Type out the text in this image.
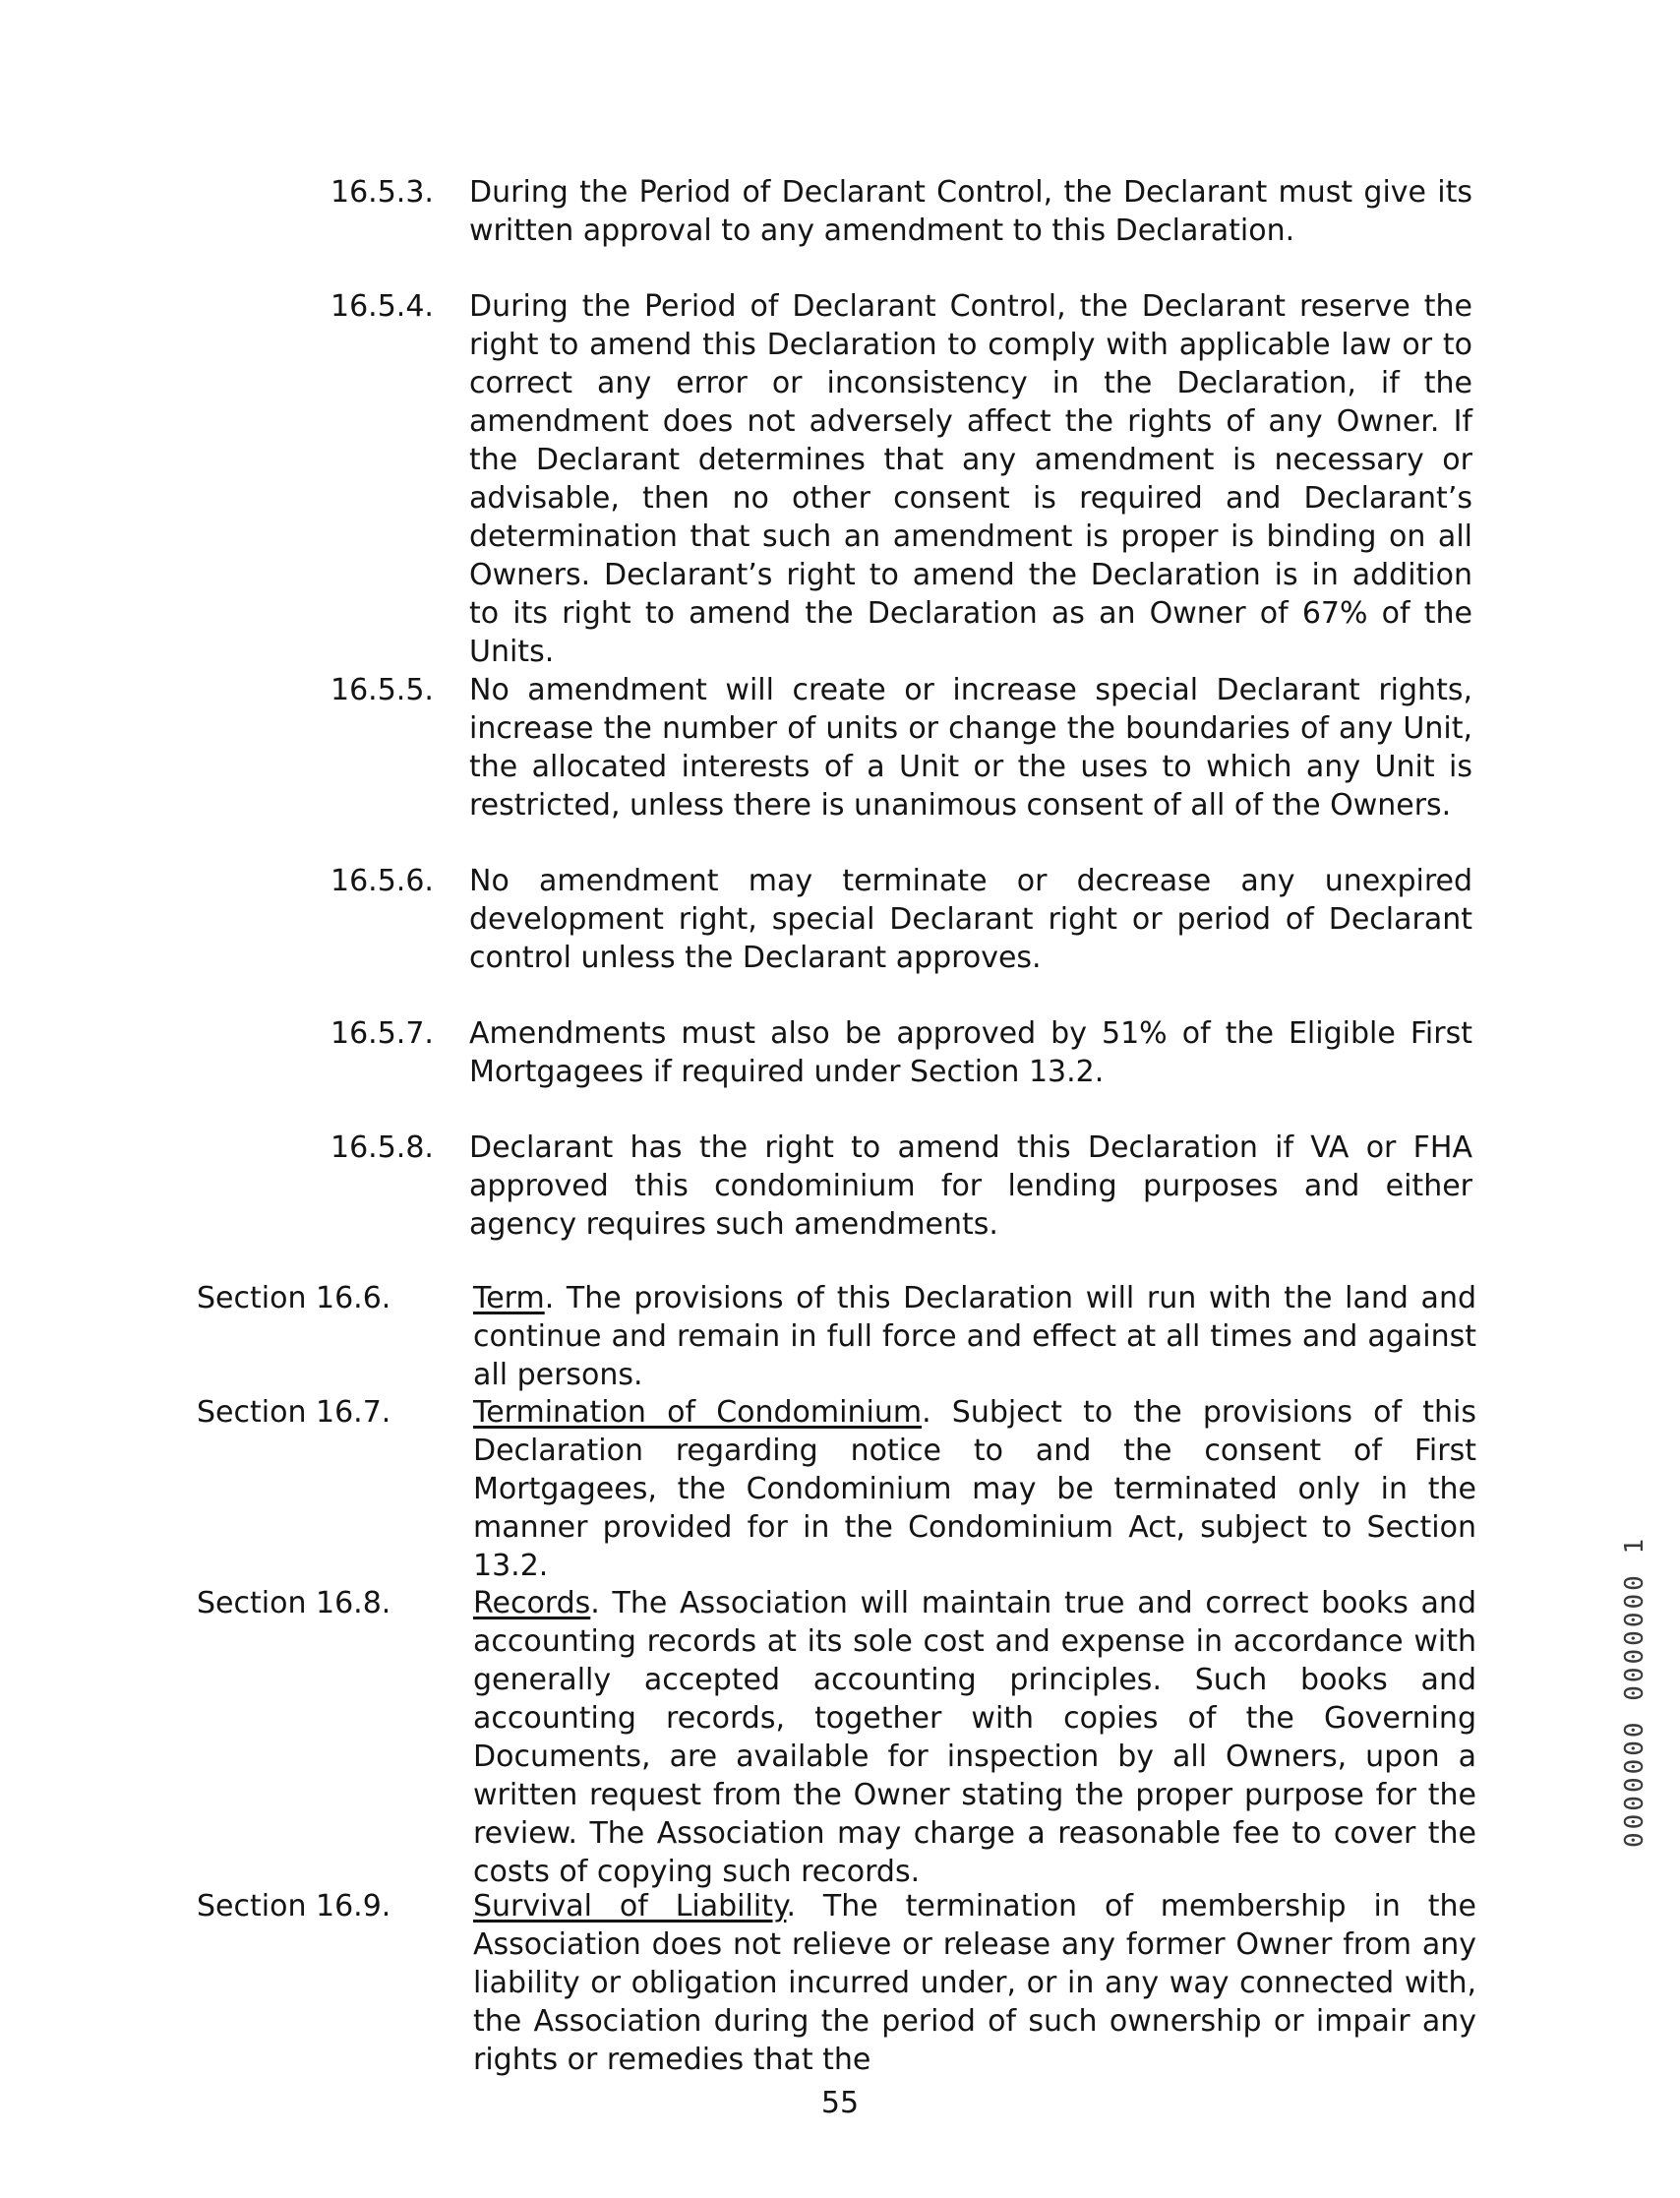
16.5.3. During the Period of Declarant Control, the Declarant must give its written approval to any amendment to this Declaration.
16.5.4. During the Period of Declarant Control, the Declarant reserve the right to amend this Declaration to comply with applicable law or to correct any error or inconsistency in the Declaration, if the amendment does not adversely affect the rights of any Owner. If the Declarant determines that any amendment is necessary or advisable, then no other consent is required and Declarant’s determination that such an amendment is proper is binding on all Owners. Declarant’s right to amend the Declaration is in addition to its right to amend the Declaration as an Owner of 67% of the Units.
16.5.5. No amendment will create or increase special Declarant rights, increase the number of units or change the boundaries of any Unit, the allocated interests of a Unit or the uses to which any Unit is restricted, unless there is unanimous consent of all of the Owners.
16.5.6. No amendment may terminate or decrease any unexpired development right, special Declarant right or period of Declarant control unless the Declarant approves.
16.5.7. Amendments must also be approved by 51% of the Eligible First Mortgagees if required under Section 13.2.
16.5.8. Declarant has the right to amend this Declaration if VA or FHA approved this condominium for lending purposes and either agency requires such amendments.
Section 16.6.	Term. The provisions of this Declaration will run with the land and continue and remain in full force and effect at all times and against all persons.
Section 16.7.	Termination of Condominium. Subject to the provisions of this Declaration regarding notice to and the consent of First Mortgagees, the Condominium may be terminated only in the manner provided for in the Condominium Act, subject to Section 13.2.
Section 16.8.	Records. The Association will maintain true and correct books and accounting records at its sole cost and expense in accordance with generally accepted accounting principles. Such books and accounting records, together with copies of the Governing Documents, are available for inspection by all Owners, upon a written request from the Owner stating the proper purpose for the review. The Association may charge a reasonable fee to cover the costs of copying such records.
Section 16.9.	Survival of Liability. The termination of membership in the Association does not relieve or release any former Owner from any liability or obligation incurred under, or in any way connected with, the Association during the period of such ownership or impair any rights or remedies that the
55
0000000 0000000 1
